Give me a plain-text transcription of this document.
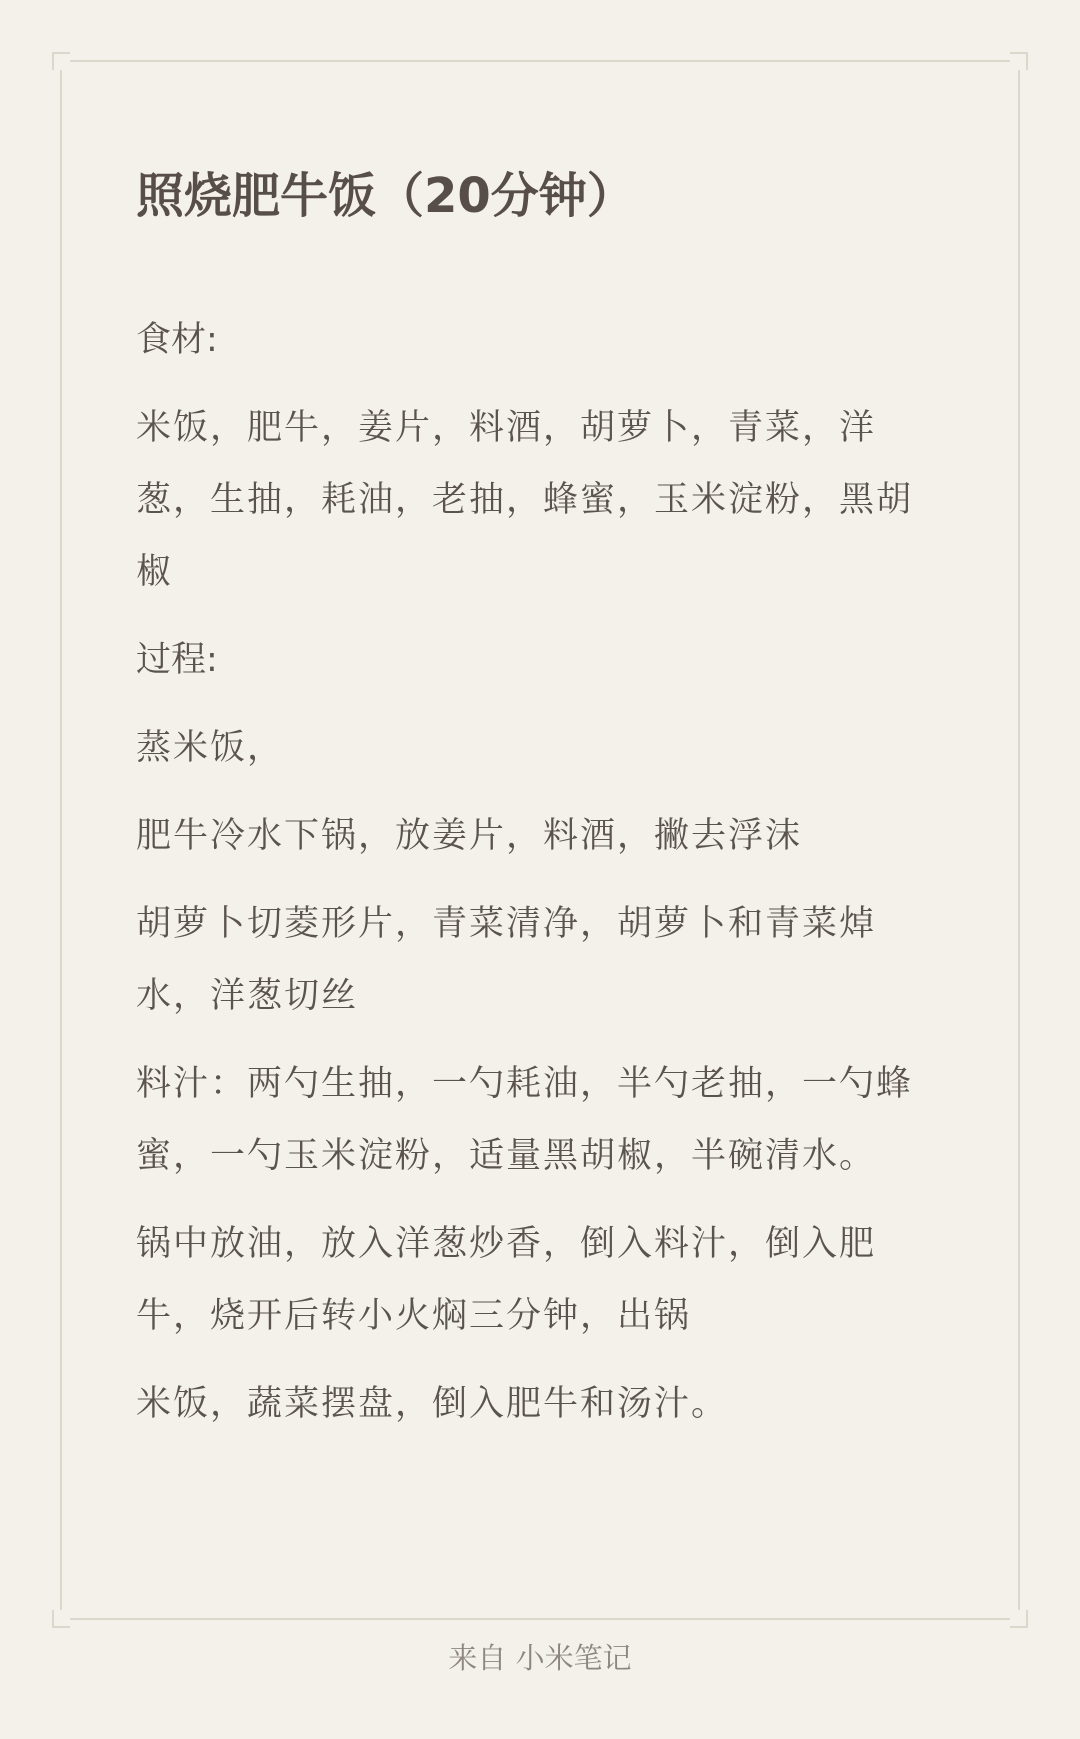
照烧肥牛饭（20分钟）
食材:
米饭，肥牛，姜片，料酒，胡萝卜，青菜，洋葱，生抽，耗油，老抽，蜂蜜，玉米淀粉，黑胡椒
过程:
蒸米饭，
肥牛冷水下锅，放姜片，料酒，撇去浮沫
胡萝卜切菱形片，青菜清净，胡萝卜和青菜焯水，洋葱切丝
料汁：两勺生抽，一勺耗油，半勺老抽，一勺蜂蜜，一勺玉米淀粉，适量黑胡椒，半碗清水。
锅中放油，放入洋葱炒香，倒入料汁，倒入肥牛，烧开后转小火焖三分钟，出锅
米饭，蔬菜摆盘，倒入肥牛和汤汁。
来自 小米笔记
